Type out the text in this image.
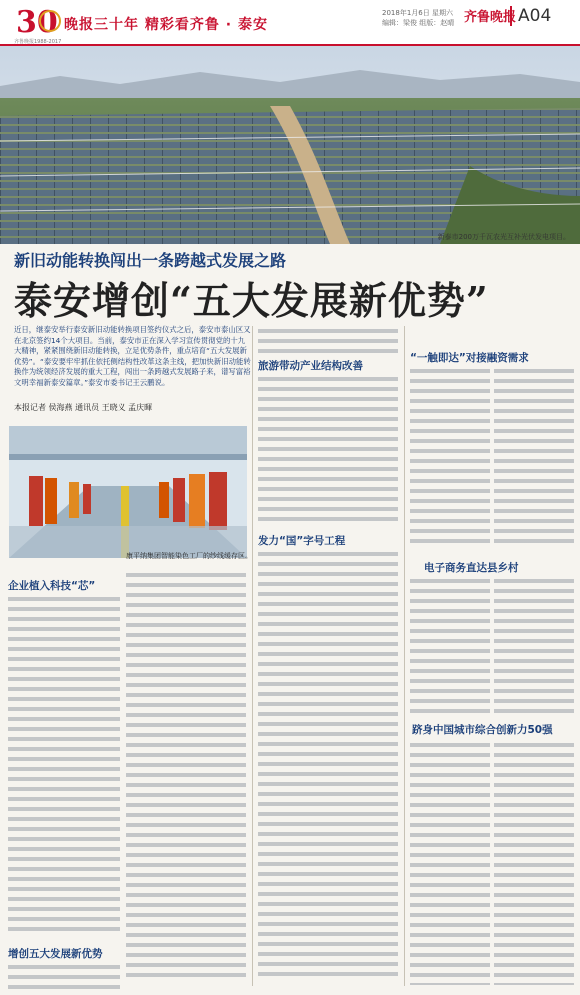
30 晚报三十年 精彩看齐鲁 · 泰安
齐鲁晚报1988-2017
2018年1月6日 星期六
编辑：梁俊 组版：赵晴 齐鲁晚报 A04
新泰市200万千瓦农光互补光伏发电项目。
新旧动能转换闯出一条跨越式发展之路
泰安增创“五大发展新优势”
近日，继泰安举行泰安新旧动能转换项目签约仪式之后，泰安市泰山区又在北京签约14个大项目。当前，泰安市正在深入学习宣传贯彻党的十九大精神，紧紧围绕新旧动能转换，立足优势条件，重点培育“五大发展新优势”。“泰安要牢牢抓住依托侧结构性改革这条主线，把加快新旧动能转换作为统领经济发展的重大工程，闯出一条跨越式发展路子来，谱写富裕文明幸福新泰安篇章。”泰安市委书记王云鹏说。
本报记者 侯海燕 通讯员 王晓义 孟庆暉
康平纳集团智能染色工厂的纱线缓存区。
旅游带动产业结构改善
发力“国”字号工程
“一触即达”对接融资需求
电子商务直达县乡村
跻身中国城市综合创新力50强
企业植入科技“芯”
增创五大发展新优势
